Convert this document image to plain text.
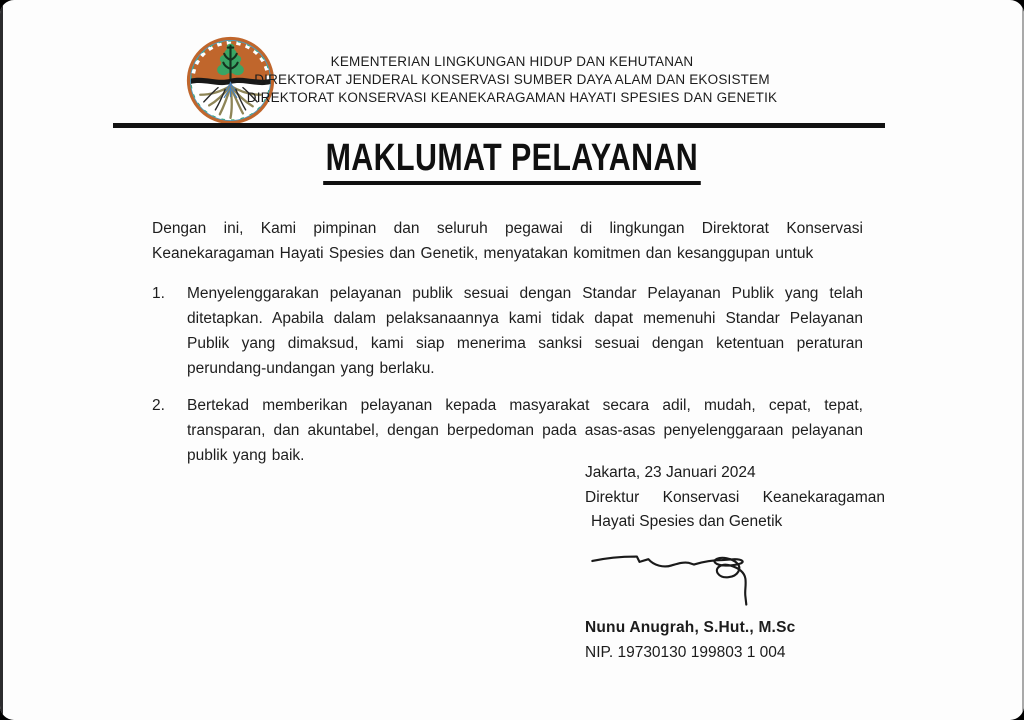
KEMENTERIAN LINGKUNGAN HIDUP DAN KEHUTANAN
DIREKTORAT JENDERAL KONSERVASI SUMBER DAYA ALAM DAN EKOSISTEM
DIREKTORAT KONSERVASI KEANEKARAGAMAN HAYATI SPESIES DAN GENETIK
MAKLUMAT PELAYANAN

Dengan ini, Kami pimpinan dan seluruh pegawai di lingkungan Direktorat Konservasi Keanekaragaman Hayati Spesies dan Genetik, menyatakan komitmen dan kesanggupan untuk

1.	Menyelenggarakan pelayanan publik sesuai dengan Standar Pelayanan Publik yang telah ditetapkan. Apabila dalam pelaksanaannya kami tidak dapat memenuhi Standar Pelayanan Publik yang dimaksud, kami siap menerima sanksi sesuai dengan ketentuan peraturan perundang-undangan yang berlaku.
2.	Bertekad memberikan pelayanan kepada masyarakat secara adil, mudah, cepat, tepat, transparan, dan akuntabel, dengan berpedoman pada asas-asas penyelenggaraan pelayanan publik yang baik.
Jakarta, 23 Januari 2024
Direktur Konservasi Keanekaragaman
Hayati Spesies dan Genetik
Nunu Anugrah, S.Hut., M.Sc
NIP. 19730130 199803 1 004
